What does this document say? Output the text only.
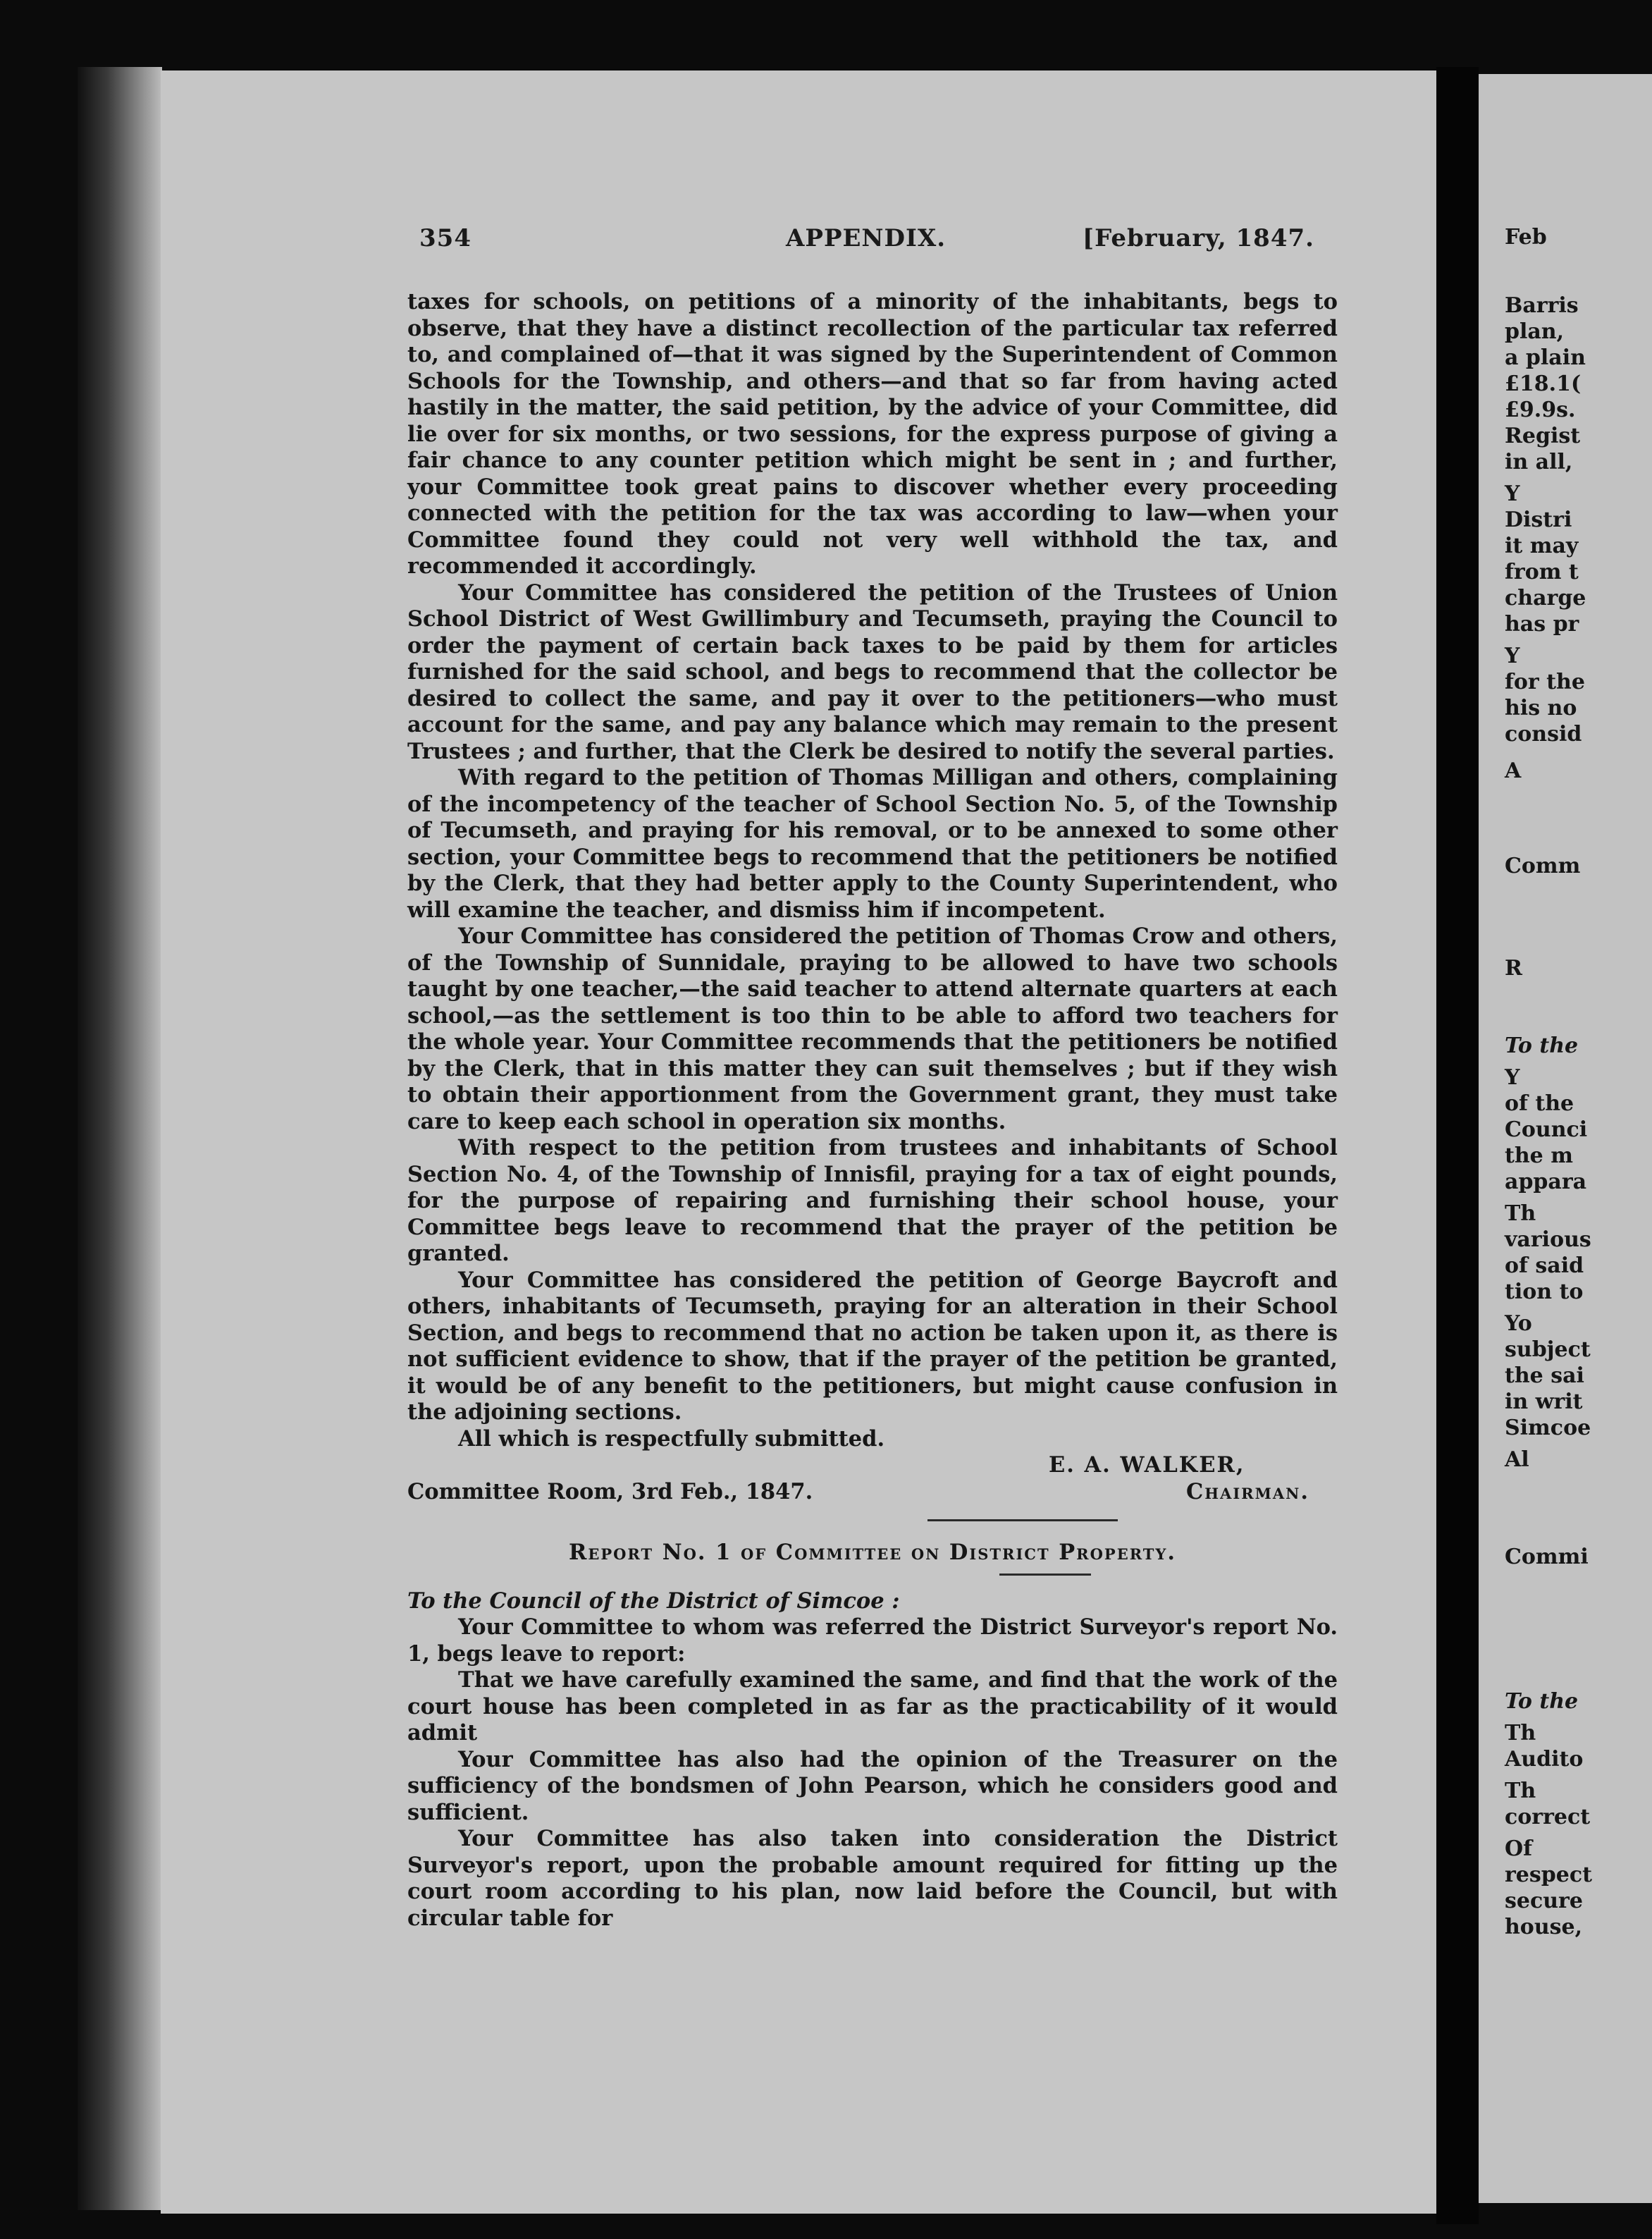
354	APPENDIX.	[February, 1847.

taxes for schools, on petitions of a minority of the inhabitants, begs to observe, that they have a distinct recollection of the particular tax referred to, and complained of—that it was signed by the Superintendent of Common Schools for the Township, and others—and that so far from having acted hastily in the matter, the said petition, by the advice of your Committee, did lie over for six months, or two sessions, for the express purpose of giving a fair chance to any counter petition which might be sent in ; and further, your Committee took great pains to discover whether every proceeding connected with the petition for the tax was according to law—when your Committee found they could not very well withhold the tax, and recommended it accordingly.

Your Committee has considered the petition of the Trustees of Union School District of West Gwillimbury and Tecumseth, praying the Council to order the payment of certain back taxes to be paid by them for articles furnished for the said school, and begs to recommend that the collector be desired to collect the same, and pay it over to the petitioners—who must account for the same, and pay any balance which may remain to the present Trustees ; and further, that the Clerk be desired to notify the several parties.

With regard to the petition of Thomas Milligan and others, complaining of the incompetency of the teacher of School Section No. 5, of the Township of Tecumseth, and praying for his removal, or to be annexed to some other section, your Committee begs to recommend that the petitioners be notified by the Clerk, that they had better apply to the County Superintendent, who will examine the teacher, and dismiss him if incompetent.

Your Committee has considered the petition of Thomas Crow and others, of the Township of Sunnidale, praying to be allowed to have two schools taught by one teacher,—the said teacher to attend alternate quarters at each school,—as the settlement is too thin to be able to afford two teachers for the whole year. Your Committee recommends that the petitioners be notified by the Clerk, that in this matter they can suit themselves ; but if they wish to obtain their apportionment from the Government grant, they must take care to keep each school in operation six months.

With respect to the petition from trustees and inhabitants of School Section No. 4, of the Township of Innisfil, praying for a tax of eight pounds, for the purpose of repairing and furnishing their school house, your Committee begs leave to recommend that the prayer of the petition be granted.

Your Committee has considered the petition of George Baycroft and others, inhabitants of Tecumseth, praying for an alteration in their School Section, and begs to recommend that no action be taken upon it, as there is not sufficient evidence to show, that if the prayer of the petition be granted, it would be of any benefit to the petitioners, but might cause confusion in the adjoining sections.

All which is respectfully submitted.

E. A. WALKER,

Committee Room, 3rd Feb., 1847.	Chairman.

Report No. 1 of Committee on District Property.

To the Council of the District of Simcoe :

Your Committee to whom was referred the District Surveyor's report No. 1, begs leave to report:

That we have carefully examined the same, and find that the work of the court house has been completed in as far as the practicability of it would admit

Your Committee has also had the opinion of the Treasurer on the sufficiency of the bondsmen of John Pearson, which he considers good and sufficient.

Your Committee has also taken into consideration the District Surveyor's report, upon the probable amount required for fitting up the court room according to his plan, now laid before the Council, but with circular table for

Feb
Barris
plan,
a plain
£18.1(
£9.9s.
Regist
in all,
Y
Distri
it may
from t
charge
has pr
Y
for the
his no
consid
A
Comm
R
To the
Y
of the
Counci
the m
appara
Th
various
of said
tion to
Yo
subject
the sai
in writ
Simcoe
Al
Commi
To the
Th
Audito
Th
correct
Of
respect
secure
house,
